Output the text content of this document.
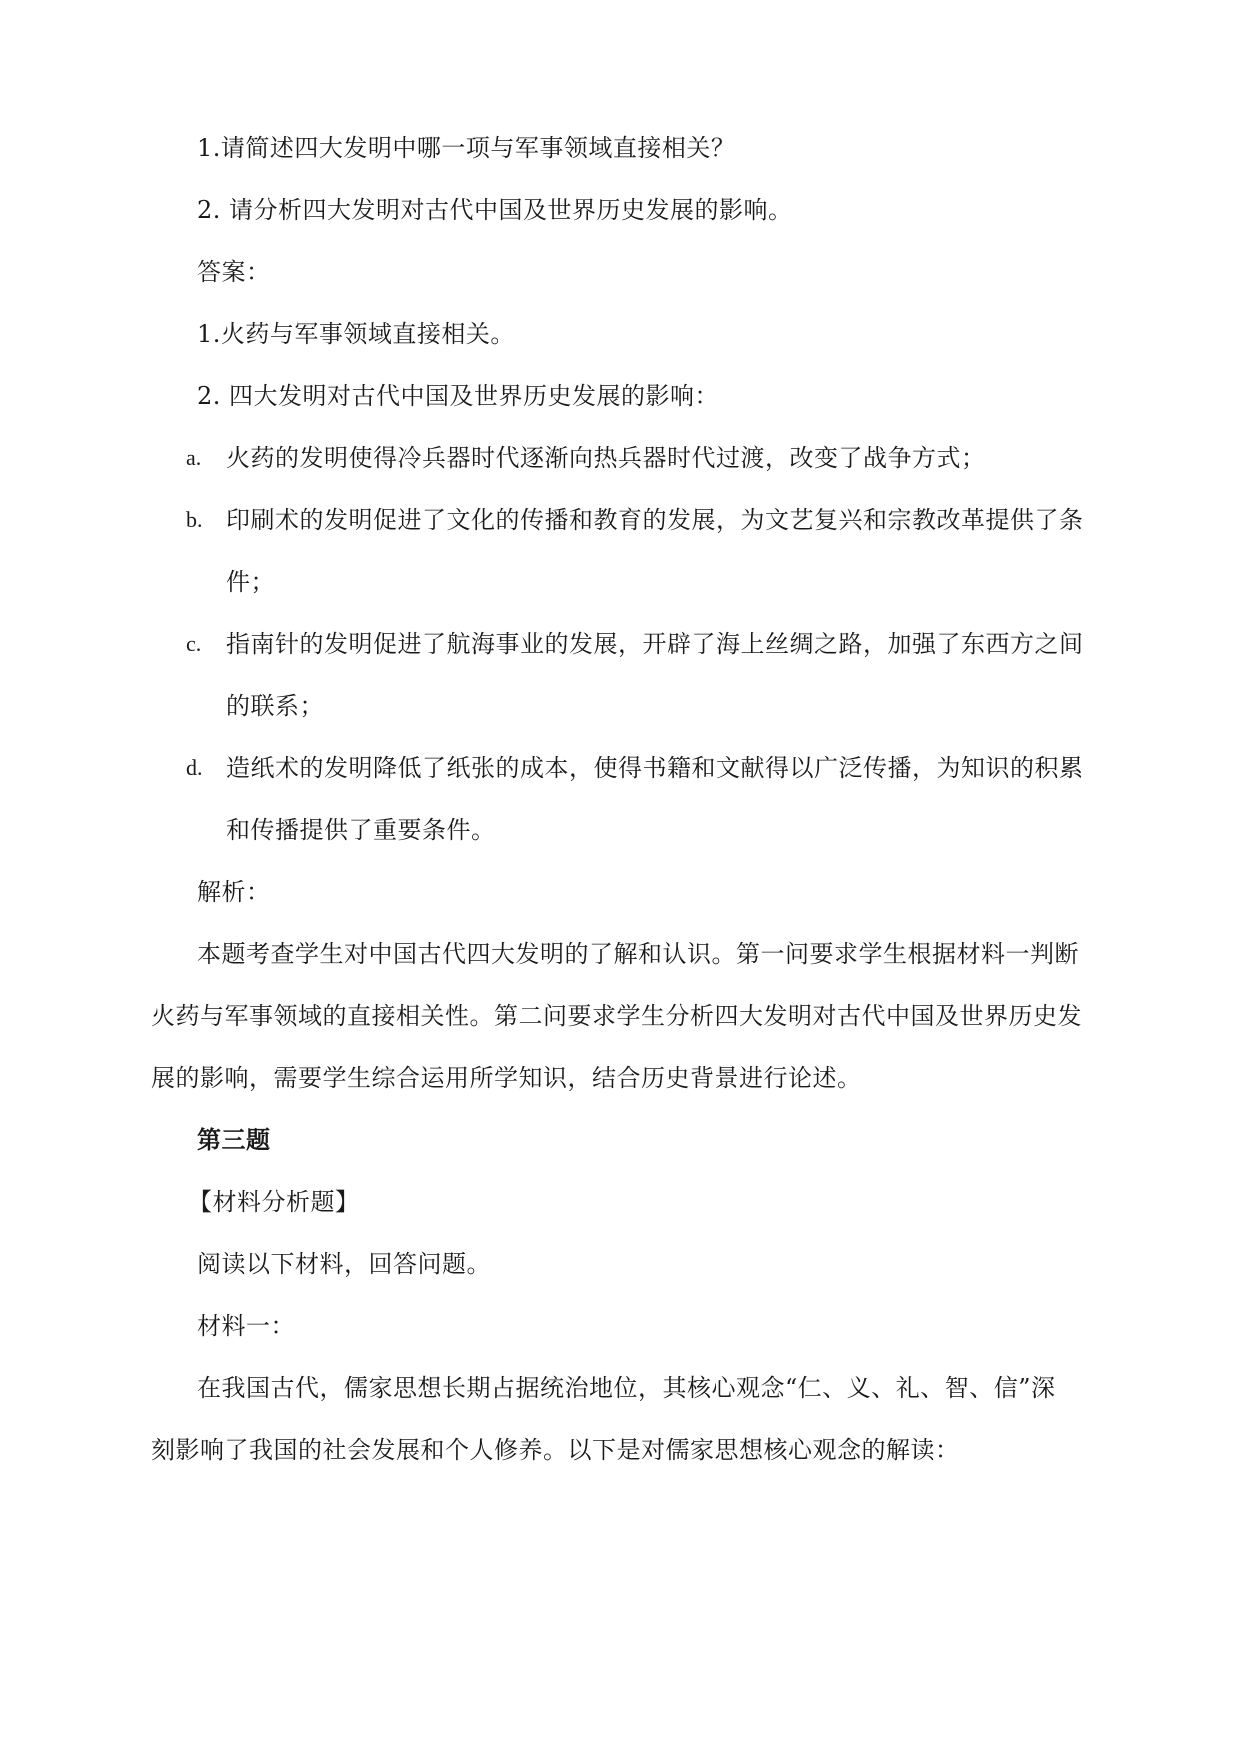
1.请简述四大发明中哪一项与军事领域直接相关？
2. 请分析四大发明对古代中国及世界历史发展的影响。
答案：
1.火药与军事领域直接相关。
2. 四大发明对古代中国及世界历史发展的影响：
a. 火药的发明使得冷兵器时代逐渐向热兵器时代过渡，改变了战争方式；
b. 印刷术的发明促进了文化的传播和教育的发展，为文艺复兴和宗教改革提供了条
件；
c. 指南针的发明促进了航海事业的发展，开辟了海上丝绸之路，加强了东西方之间
的联系；
d. 造纸术的发明降低了纸张的成本，使得书籍和文献得以广泛传播，为知识的积累
和传播提供了重要条件。
解析：
本题考查学生对中国古代四大发明的了解和认识。第一问要求学生根据材料一判断
火药与军事领域的直接相关性。第二问要求学生分析四大发明对古代中国及世界历史发
展的影响，需要学生综合运用所学知识，结合历史背景进行论述。
第三题
【材料分析题】
阅读以下材料，回答问题。
材料一：
在我国古代，儒家思想长期占据统治地位，其核心观念“仁、义、礼、智、信”深
刻影响了我国的社会发展和个人修养。以下是对儒家思想核心观念的解读：
